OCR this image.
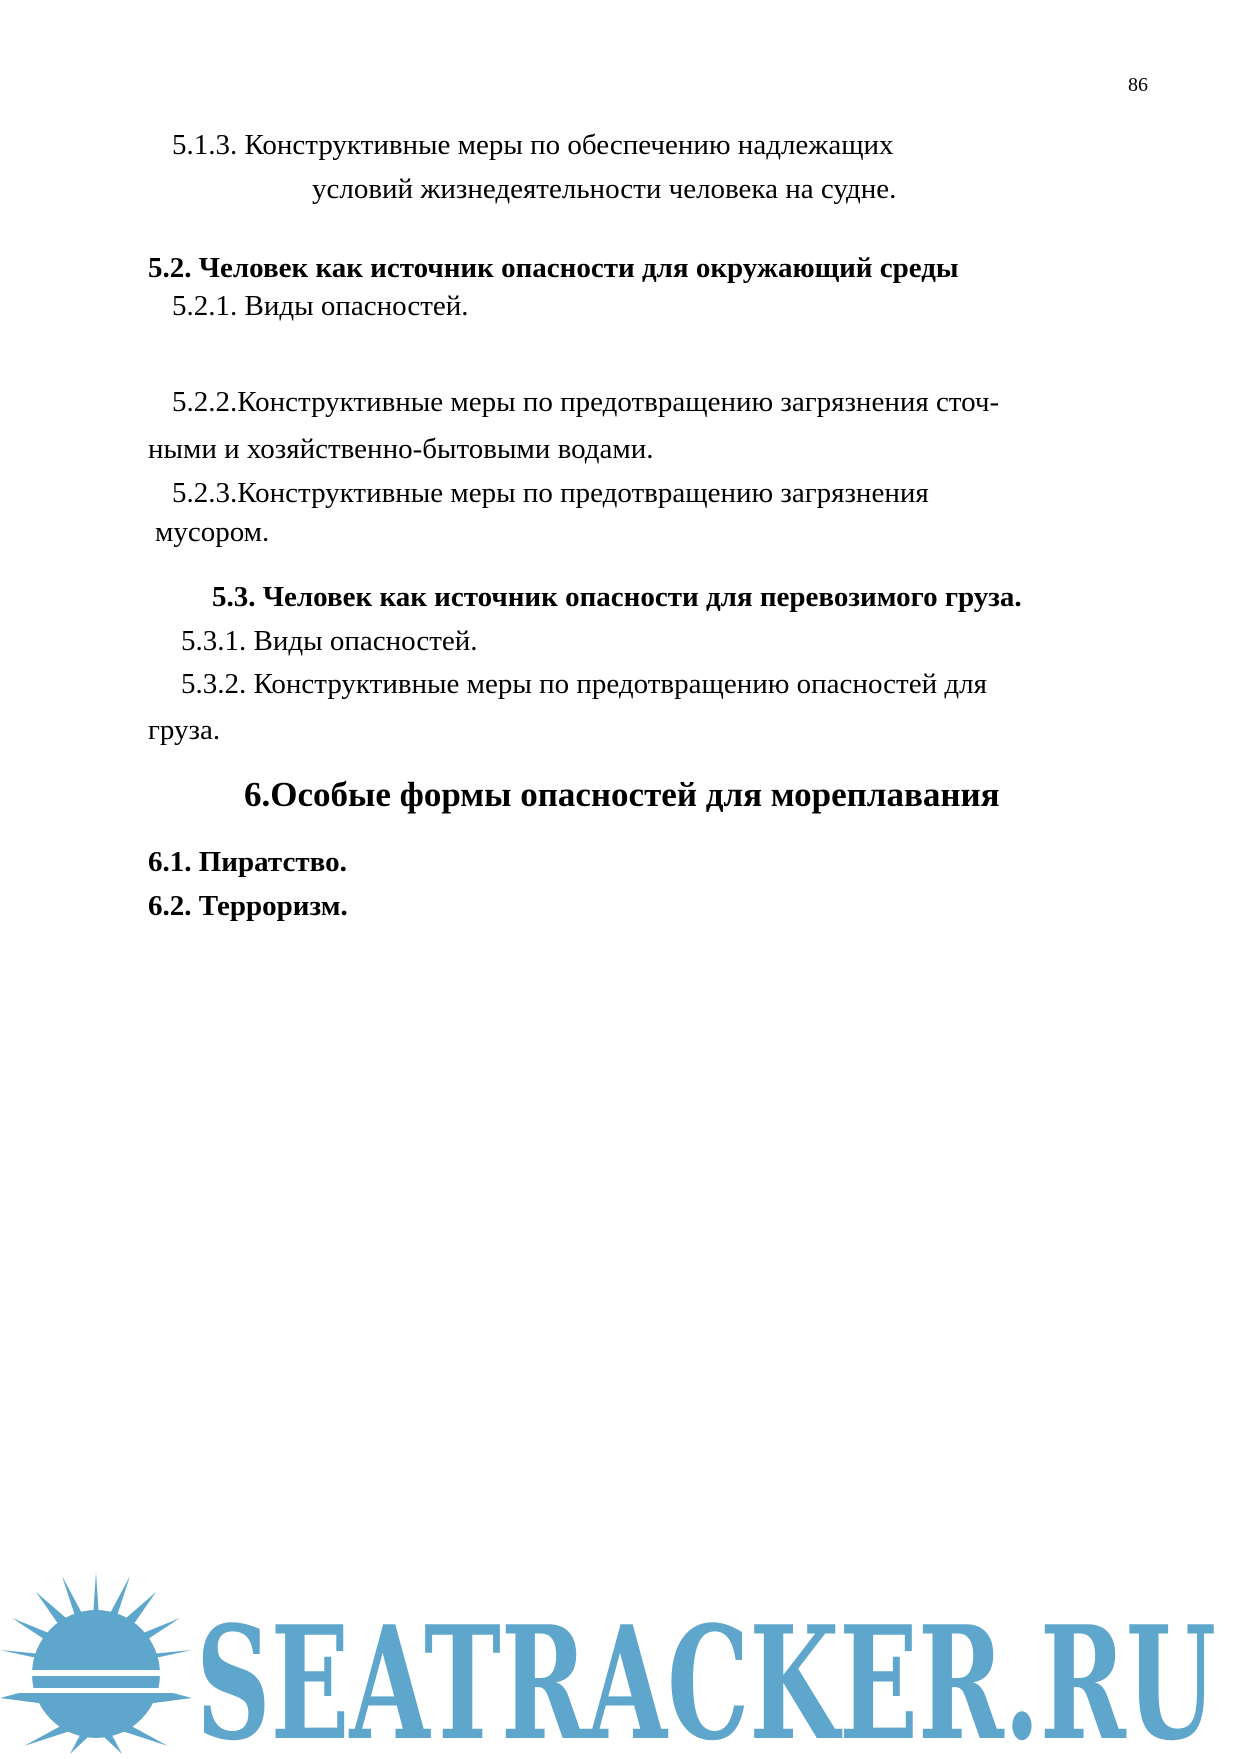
86
5.1.3. Конструктивные меры по обеспечению надлежащих
условий жизнедеятельности человека на судне.
5.2. Человек как источник опасности для окружающий среды
5.2.1. Виды опасностей.
5.2.2.Конструктивные меры по предотвращению загрязнения сточ-
ными и хозяйственно-бытовыми водами.
5.2.3.Конструктивные меры по предотвращению загрязнения
мусором.
5.3. Человек как источник опасности для перевозимого груза.
5.3.1. Виды опасностей.
5.3.2. Конструктивные меры по предотвращению опасностей для
груза.
6.Особые формы опасностей для мореплавания
6.1. Пиратство.
6.2. Терроризм.
SEATRACKER.RU
